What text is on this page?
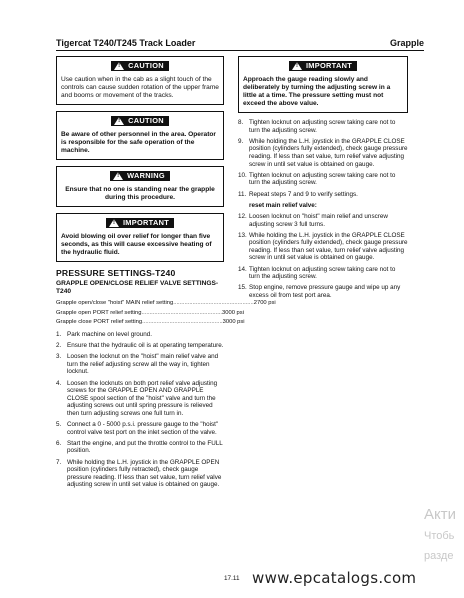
Tigercat T240/T245 Track Loader	Grapple
! CAUTION
Use caution when in the cab as a slight touch of the controls can cause sudden rotation of the upper frame and booms or movement of the tracks.
! CAUTION
Be aware of other personnel in the area. Operator is responsible for the safe operation of the machine.
! WARNING
Ensure that no one is standing near the grapple during this procedure.
! IMPORTANT
Avoid blowing oil over relief for longer than five seconds, as this will cause excessive heating of the hydraulic fluid.
PRESSURE SETTINGS-T240
GRAPPLE OPEN/CLOSE RELIEF VALVE SETTINGS-T240
Grapple open/close "hoist" MAIN relief setting .................................................. 2700 psi
Grapple open PORT relief setting .................................................. 3000 psi
Grapple close PORT relief setting .................................................. 3000 psi
1. Park machine on level ground.
2. Ensure that the hydraulic oil is at operating temperature.
3. Loosen the locknut on the "hoist" main relief valve and turn the relief adjusting screw all the way in, tighten locknut.
4. Loosen the locknuts on both port relief valve adjusting screws for the GRAPPLE OPEN AND GRAPPLE CLOSE spool section of the "hoist" valve and turn the adjusting screws out until spring pressure is relieved then turn adjusting screws one full turn in.
5. Connect a 0 - 5000 p.s.i. pressure gauge to the "hoist" control valve test port on the inlet section of the valve.
6. Start the engine, and put the throttle control to the FULL position.
7. While holding the L.H. joystick in the GRAPPLE OPEN position (cylinders fully retracted), check gauge pressure reading. If less than set value, turn relief valve adjusting screw in until set value is obtained on gauge.
! IMPORTANT
Approach the gauge reading slowly and deliberately by turning the adjusting screw in a little at a time. The pressure setting must not exceed the above value.
8. Tighten locknut on adjusting screw taking care not to turn the adjusting screw.
9. While holding the L.H. joystick in the GRAPPLE CLOSE position (cylinders fully extended), check gauge pressure reading. If less than set value, turn relief valve adjusting screw in until set value is obtained on gauge.
10. Tighten locknut on adjusting screw taking care not to turn the adjusting screw.
11. Repeat steps 7 and 9 to verify settings.
reset main relief valve:
12. Loosen locknut on "hoist" main relief and unscrew adjusting screw 3 full turns.
13. While holding the L.H. joystick in the GRAPPLE CLOSE position (cylinders fully extended), check gauge pressure reading. If less than set value, turn relief valve adjusting screw in until set value is obtained on gauge.
14. Tighten locknut on adjusting screw taking care not to turn the adjusting screw.
15. Stop engine, remove pressure gauge and wipe up any excess oil from test port area.
17.11 www.epcatalogs.com
Акти
Чтобь
разде
